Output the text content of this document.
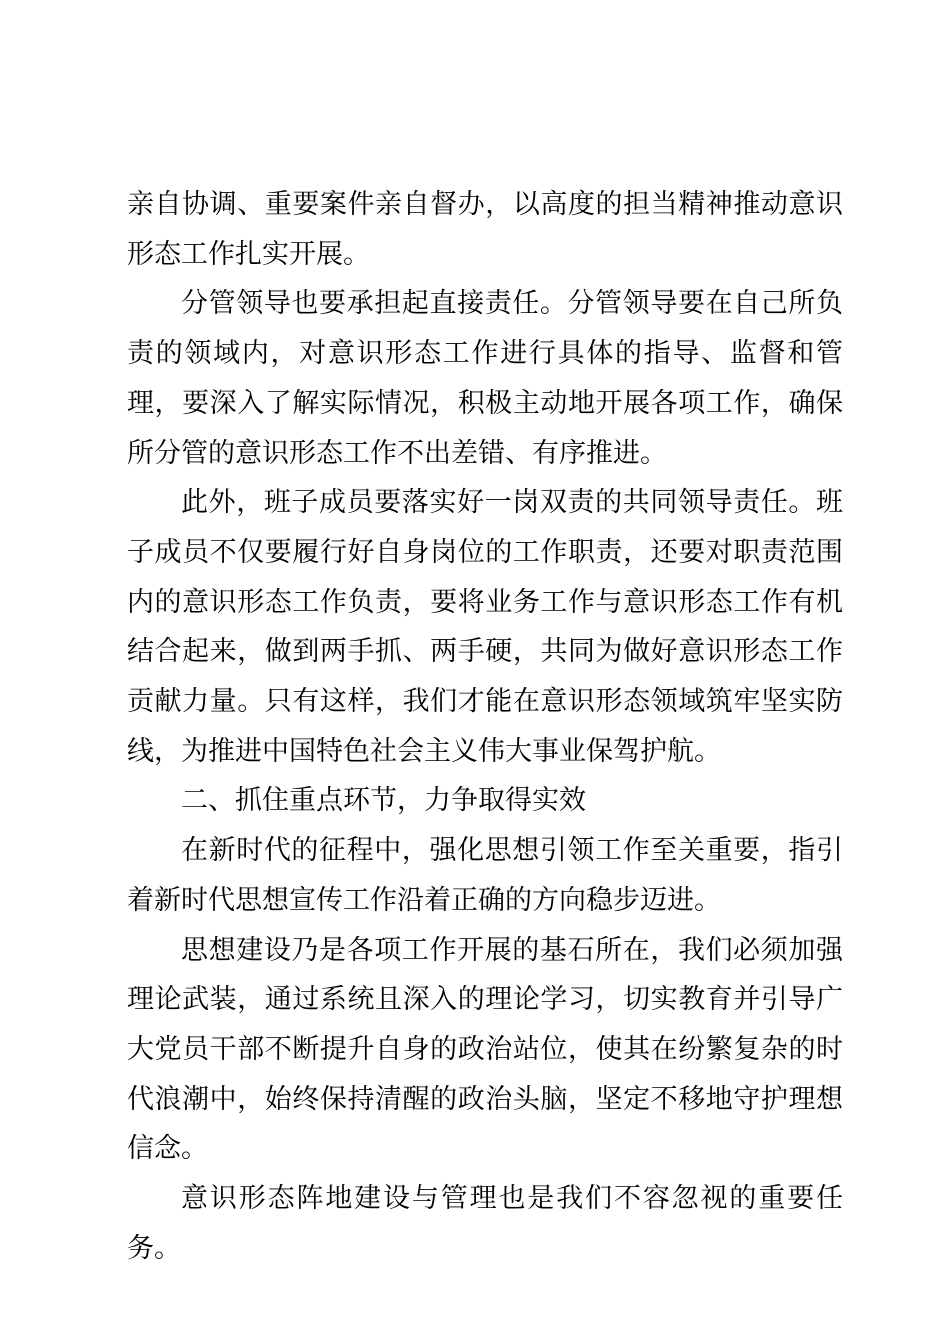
亲自协调、重要案件亲自督办，以高度的担当精神推动意识形态工作扎实开展。

分管领导也要承担起直接责任。分管领导要在自己所负责的领域内，对意识形态工作进行具体的指导、监督和管理，要深入了解实际情况，积极主动地开展各项工作，确保所分管的意识形态工作不出差错、有序推进。

此外，班子成员要落实好一岗双责的共同领导责任。班子成员不仅要履行好自身岗位的工作职责，还要对职责范围内的意识形态工作负责，要将业务工作与意识形态工作有机结合起来，做到两手抓、两手硬，共同为做好意识形态工作贡献力量。只有这样，我们才能在意识形态领域筑牢坚实防线，为推进中国特色社会主义伟大事业保驾护航。

二、抓住重点环节，力争取得实效

在新时代的征程中，强化思想引领工作至关重要，指引着新时代思想宣传工作沿着正确的方向稳步迈进。

思想建设乃是各项工作开展的基石所在，我们必须加强理论武装，通过系统且深入的理论学习，切实教育并引导广大党员干部不断提升自身的政治站位，使其在纷繁复杂的时代浪潮中，始终保持清醒的政治头脑，坚定不移地守护理想信念。

意识形态阵地建设与管理也是我们不容忽视的重要任务。
